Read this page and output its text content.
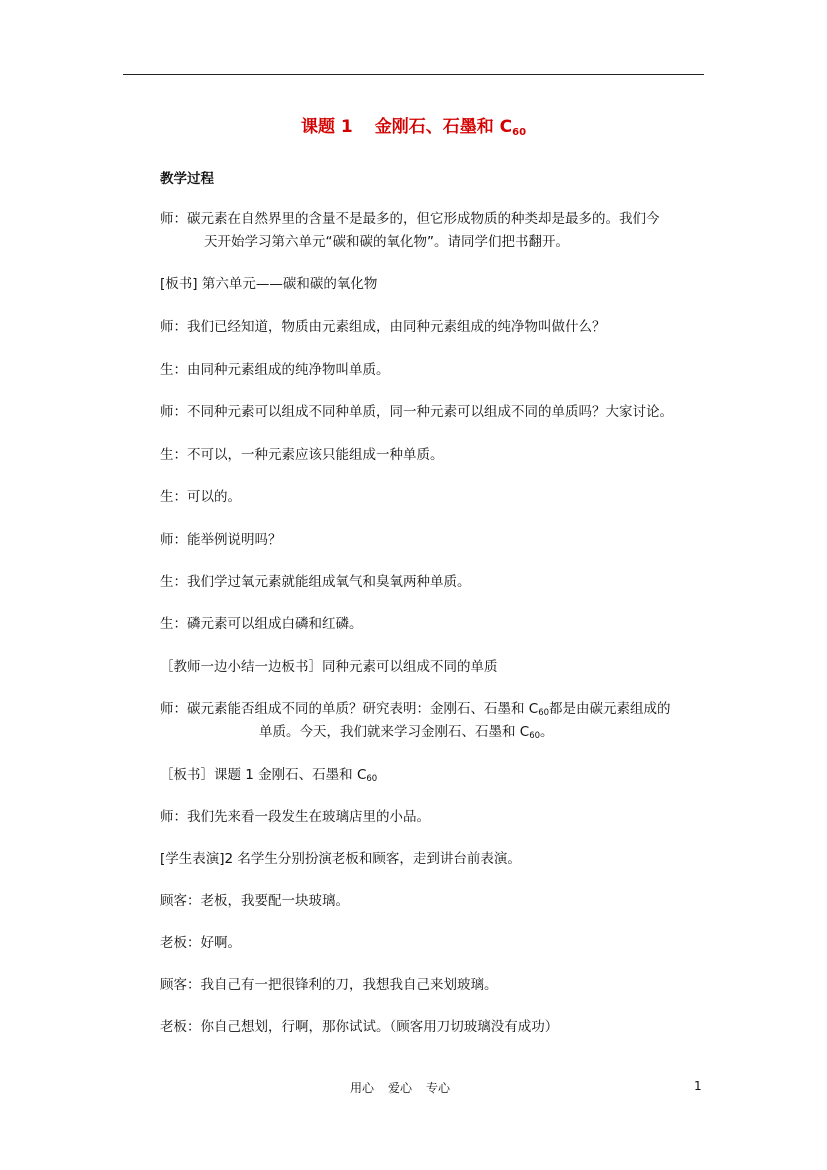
课题 1 金刚石、石墨和 $C_{60}$
教学过程
师：碳元素在自然界里的含量不是最多的，但它形成物质的种类却是最多的。我们今
天开始学习第六单元“碳和碳的氧化物”。请同学们把书翻开。
[板书] 第六单元——碳和碳的氧化物
师：我们已经知道，物质由元素组成，由同种元素组成的纯净物叫做什么？
生：由同种元素组成的纯净物叫单质。
师：不同种元素可以组成不同种单质，同一种元素可以组成不同的单质吗？大家讨论。
生：不可以，一种元素应该只能组成一种单质。
生：可以的。
师：能举例说明吗？
生：我们学过氧元素就能组成氧气和臭氧两种单质。
生：磷元素可以组成白磷和红磷。
［教师一边小结一边板书］同种元素可以组成不同的单质
师：碳元素能否组成不同的单质？研究表明：金刚石、石墨和 $C_{60}$都是由碳元素组成的
单质。今天，我们就来学习金刚石、石墨和 $C_{60}$。
［板书］课题 1 金刚石、石墨和 $C_{60}$
师：我们先来看一段发生在玻璃店里的小品。
[学生表演]2 名学生分别扮演老板和顾客，走到讲台前表演。
顾客：老板，我要配一块玻璃。
老板：好啊。
顾客：我自己有一把很锋利的刀，我想我自己来划玻璃。
老板：你自己想划，行啊，那你试试。（顾客用刀切玻璃没有成功）
用心 爱心 专心	1
